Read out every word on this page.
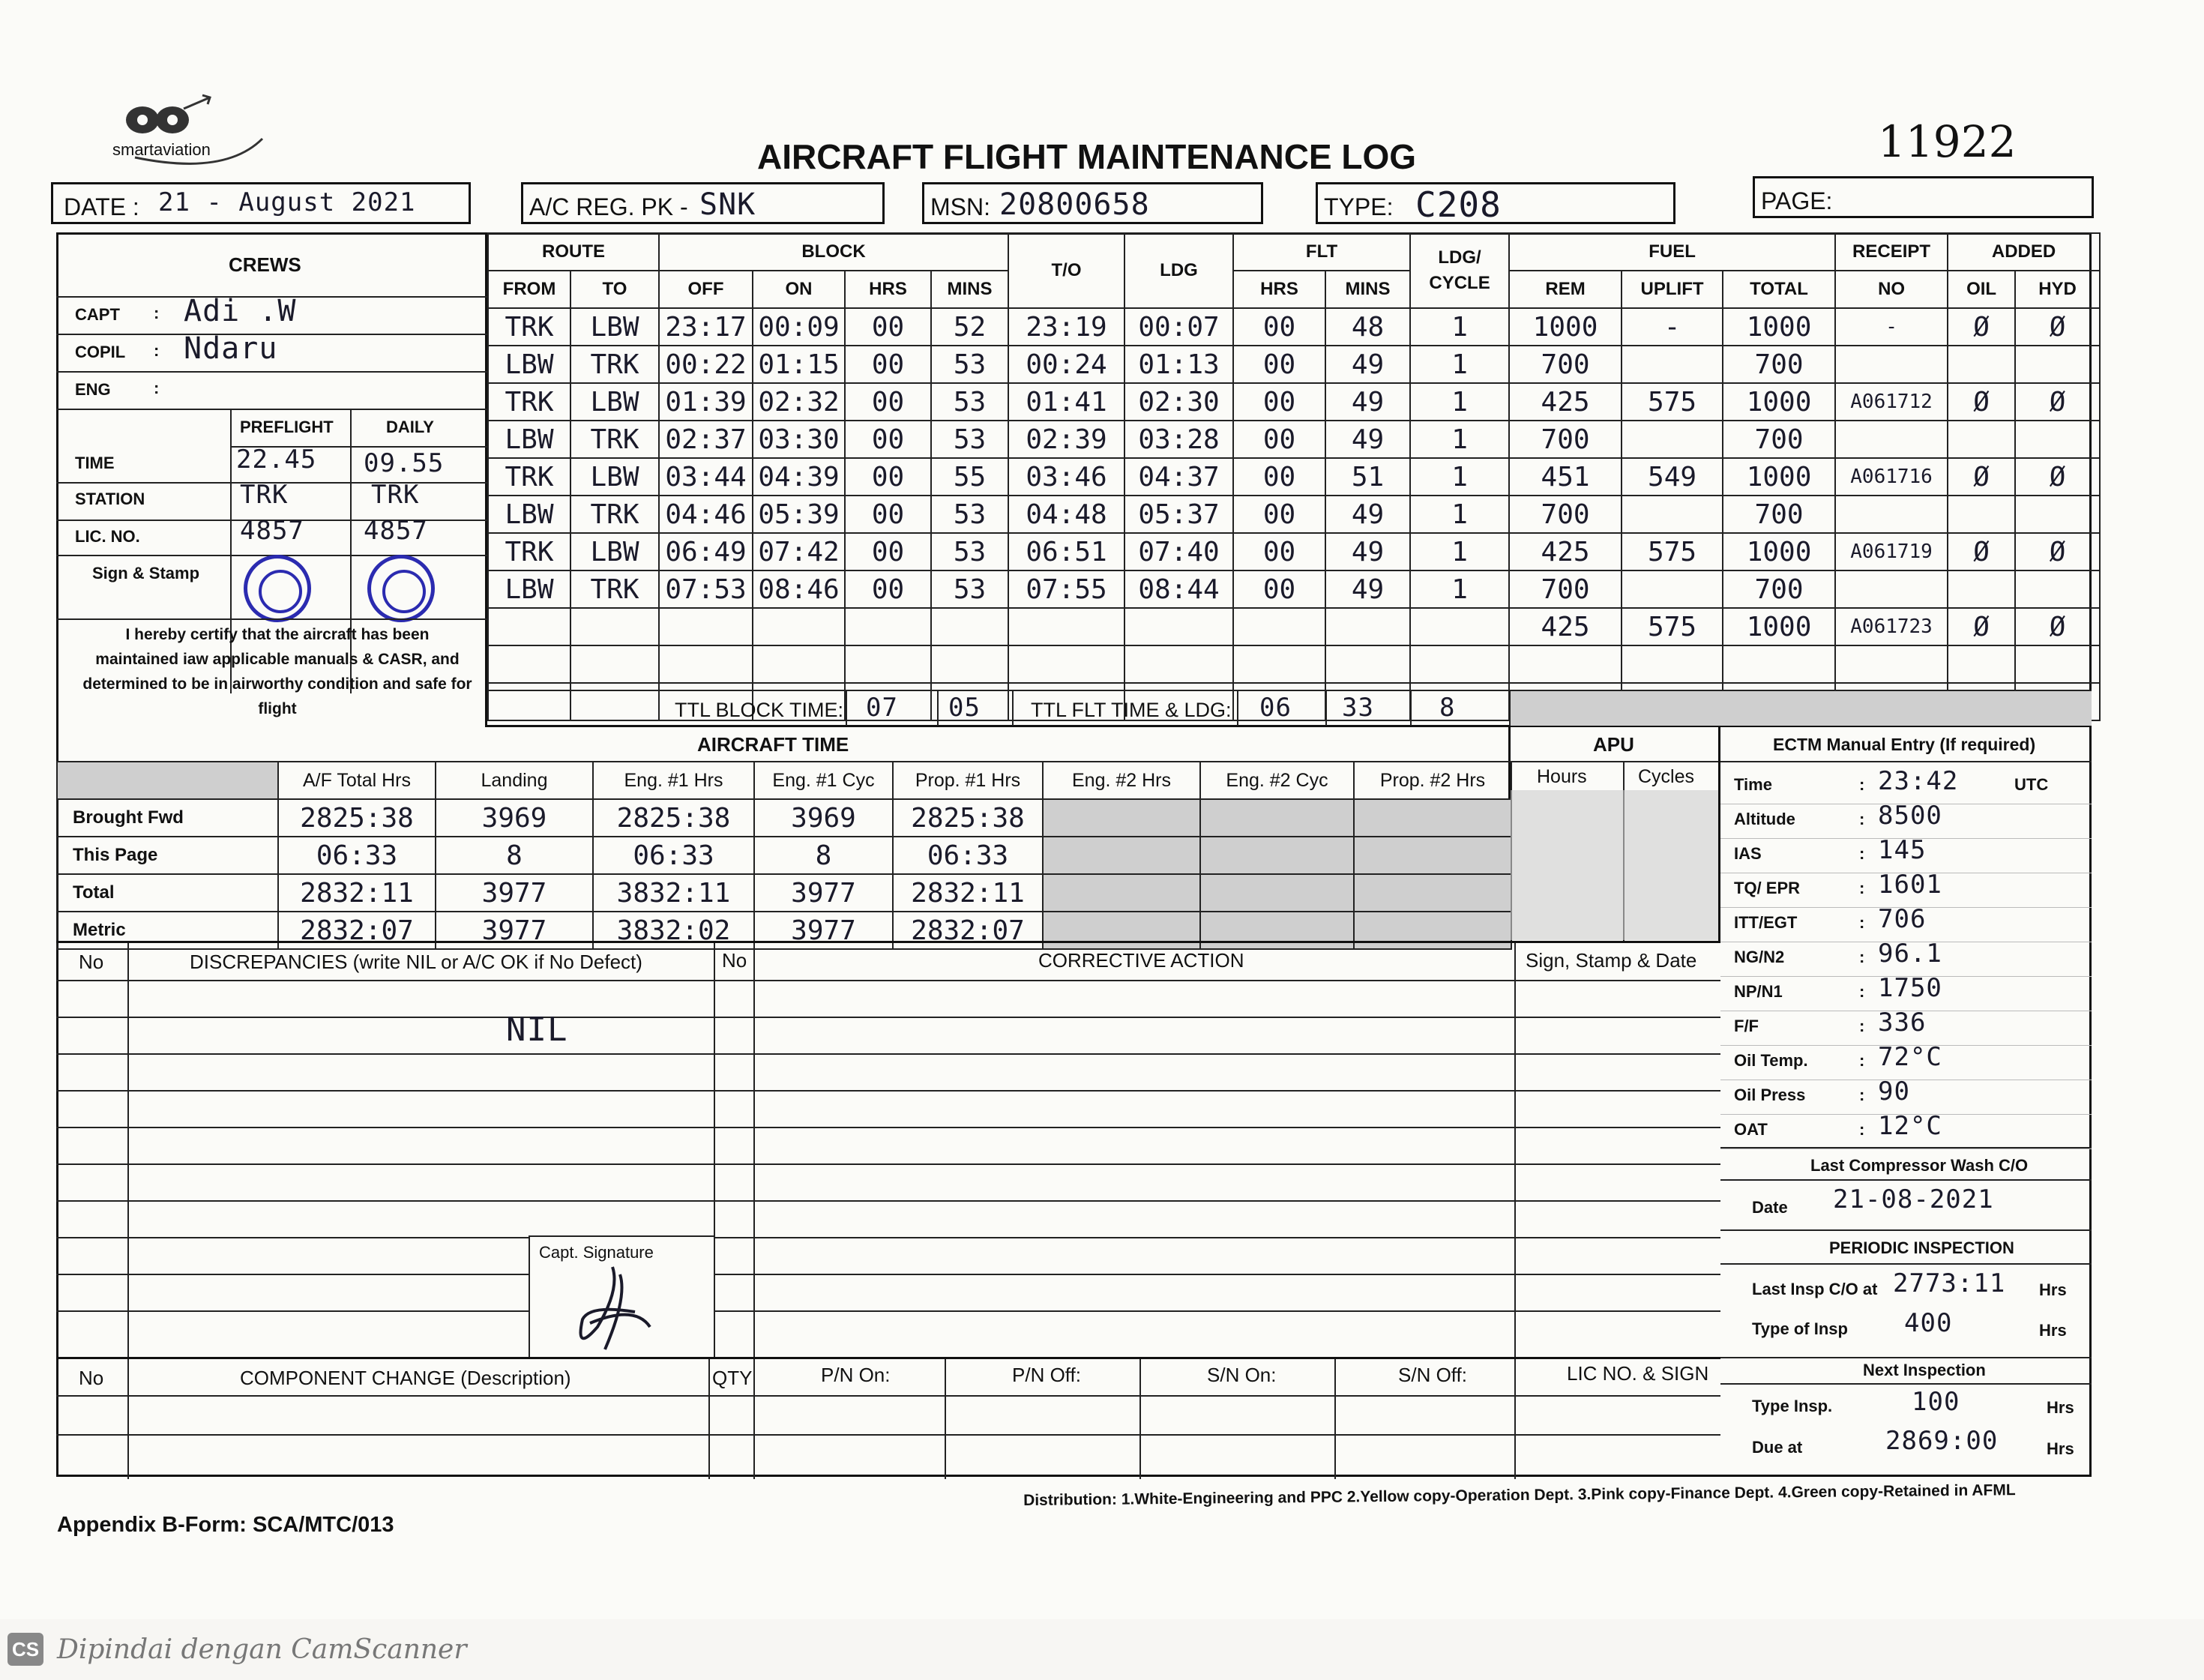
smartaviation	AIRCRAFT FLIGHT MAINTENANCE LOG	11922
DATE : 21 - August 2021	A/C REG. PK - SNK	MSN: 20800658	TYPE: C208	PAGE:
CREWS
CAPT : Adi .W
COPIL : Ndaru
ENG	:
PREFLIGHT	DAILY
TIME	22.45 09.55
STATION	TRK	TRK
LIC. NO.	4857 4857
Sign & Stamp
I hereby certify that the aircraft has been maintained iaw applicable manuals & CASR, and determined to be in airworthy condition and safe for flight
ROUTE		BLOCK				T/O	LDG	FLT		LDG/ CYCLE	FUEL			RECEIPT	ADDED	
FROM	TO	OFF	ON	HRS	MINS			HRS	MINS		REM	UPLIFT	TOTAL	NO	OIL	HYD
TRK	LBW	23:17	00:09	00	52	23:19	00:07	00	48	1	1000	-	1000	-	Ø	Ø
LBW	TRK	00:22	01:15	00	53	00:24	01:13	00	49	1	700		700			
TRK	LBW	01:39	02:32	00	53	01:41	02:30	00	49	1	425	575	1000	A061712	Ø	Ø
LBW	TRK	02:37	03:30	00	53	02:39	03:28	00	49	1	700		700			
TRK	LBW	03:44	04:39	00	55	03:46	04:37	00	51	1	451	549	1000	A061716	Ø	Ø
LBW	TRK	04:46	05:39	00	53	04:48	05:37	00	49	1	700		700			
TRK	LBW	06:49	07:42	00	53	06:51	07:40	00	49	1	425	575	1000	A061719	Ø	Ø
LBW	TRK	07:53	08:46	00	53	07:55	08:44	00	49	1	700		700			
											425	575	1000	A061723	Ø	Ø

TTL BLOCK TIME: 07 05 TTL FLT TIME & LDG: 06 33	8
AIRCRAFT TIME
	A/F Total Hrs	Landing	Eng. #1 Hrs	Eng. #1 Cyc	Prop. #1 Hrs	Eng. #2 Hrs	Eng. #2 Cyc	Prop. #2 Hrs
Brought Fwd	2825:38	3969	2825:38	3969	2825:38			
This Page	06:33	8	06:33	8	06:33			
Total	2832:11	3977	3832:11	3977	2832:11			
Metric	2832:07	3977	3832:02	3977	2832:07			
APU
Hours	Cycles
ECTM Manual Entry (If required)
Time	: 23:42	UTC
Altitude	: 8500
IAS	: 145
TQ/ EPR	: 1601
ITT/EGT	: 706
NG/N2	: 96.1
NP/N1	: 1750
F/F	: 336
Oil Temp.	: 72°C
Oil Press	: 90
OAT	: 12°C
Last Compressor Wash C/O
Date 21-08-2021
PERIODIC INSPECTION
Last Insp C/O at 2773:11 Hrs
Type of Insp 400	Hrs
Next Inspection
Type Insp.	100	Hrs
Due at	2869:00	Hrs
No	DISCREPANCIES (write NIL or A/C OK if No Defect)	No	CORRECTIVE ACTION	Sign, Stamp & Date
NIL
Capt. Signature
No	COMPONENT CHANGE (Description)	QTY	P/N On:	P/N Off:	S/N On:	S/N Off:	LIC NO. & SIGN
Distribution: 1.White-Engineering and PPC 2.Yellow copy-Operation Dept. 3.Pink copy-Finance Dept. 4.Green copy-Retained in AFML
Appendix B-Form: SCA/MTC/013
CS Dipindai dengan CamScanner
